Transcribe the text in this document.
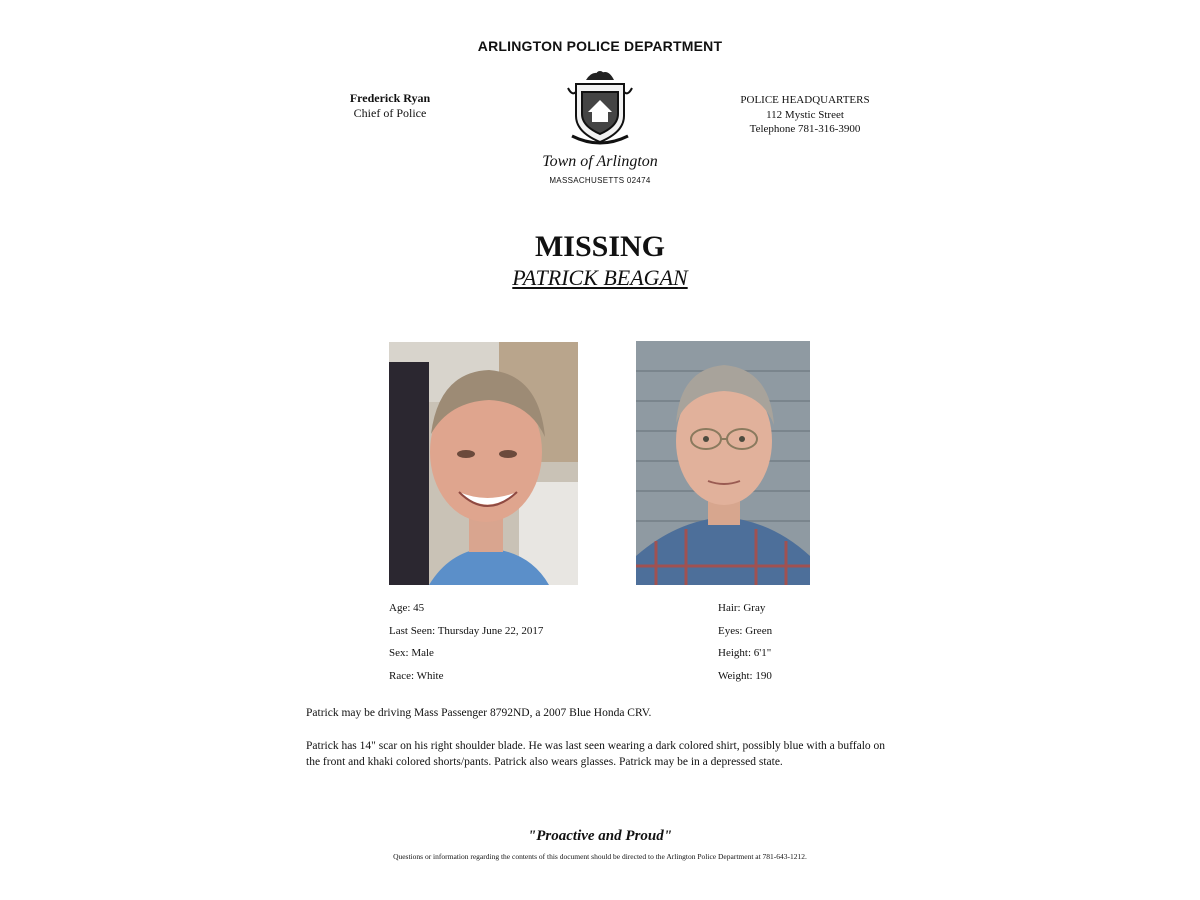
ARLINGTON POLICE DEPARTMENT
Frederick Ryan
Chief of Police
POLICE HEADQUARTERS
112 Mystic Street
Telephone 781-316-3900
Town of Arlington
MASSACHUSETTS 02474
MISSING
PATRICK BEAGAN
Age: 45
Last Seen: Thursday June 22, 2017
Sex: Male
Race: White
Hair: Gray
Eyes: Green
Height: 6'1"
Weight: 190
Patrick may be driving Mass Passenger 8792ND, a 2007 Blue Honda CRV.
Patrick has 14" scar on his right shoulder blade. He was last seen wearing a dark colored shirt, possibly blue with a buffalo on the front and khaki colored shorts/pants. Patrick also wears glasses. Patrick may be in a depressed state.
"Proactive and Proud"
Questions or information regarding the contents of this document should be directed to the Arlington Police Department at 781-643-1212.
